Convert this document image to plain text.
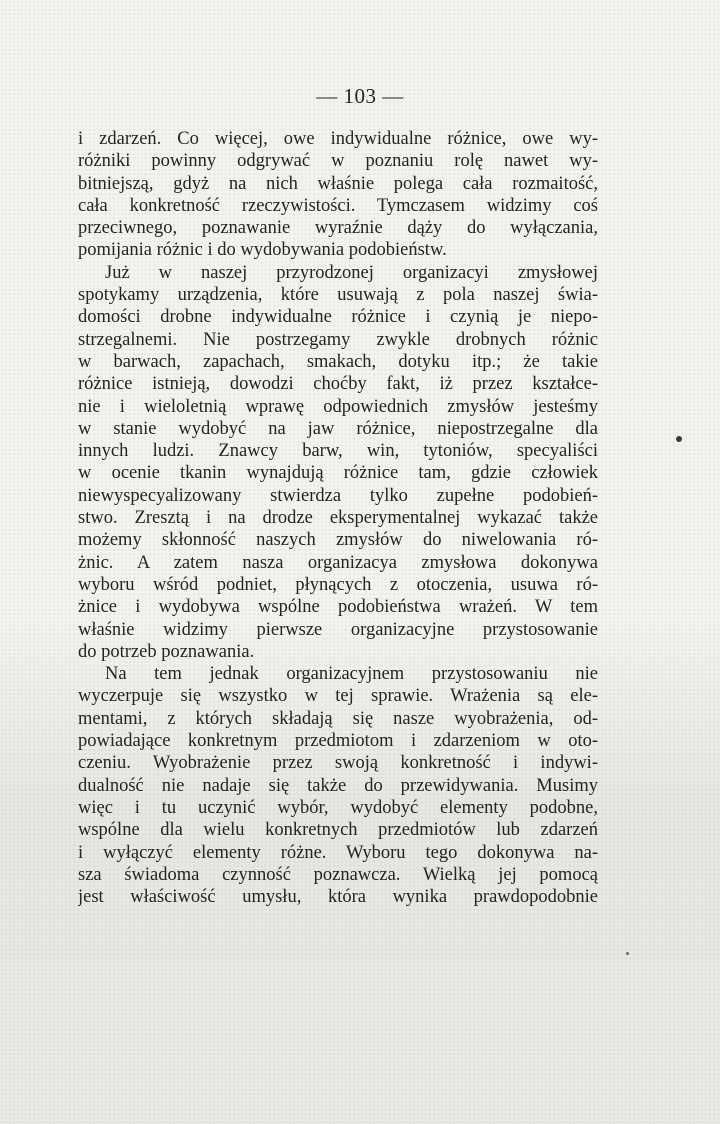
— 103 —
i zdarzeń. Co więcej, owe indywidualne różnice, owe wy-
różniki powinny odgrywać w poznaniu rolę nawet wy-
bitniejszą, gdyż na nich właśnie polega cała rozmaitość,
cała konkretność rzeczywistości. Tymczasem widzimy coś
przeciwnego, poznawanie wyraźnie dąży do wyłączania,
pomijania różnic i do wydobywania podobieństw.
Już w naszej przyrodzonej organizacyi zmysłowej
spotykamy urządzenia, które usuwają z pola naszej świa-
domości drobne indywidualne różnice i czynią je niepo-
strzegalnemi. Nie postrzegamy zwykle drobnych różnic
w barwach, zapachach, smakach, dotyku itp.; że takie
różnice istnieją, dowodzi choćby fakt, iż przez kształce-
nie i wieloletnią wprawę odpowiednich zmysłów jesteśmy
w stanie wydobyć na jaw różnice, niepostrzegalne dla
innych ludzi. Znawcy barw, win, tytoniów, specyaliści
w ocenie tkanin wynajdują różnice tam, gdzie człowiek
niewyspecyalizowany stwierdza tylko zupełne podobień-
stwo. Zresztą i na drodze eksperymentalnej wykazać także
możemy skłonność naszych zmysłów do niwelowania ró-
żnic. A zatem nasza organizacya zmysłowa dokonywa
wyboru wśród podniet, płynących z otoczenia, usuwa ró-
żnice i wydobywa wspólne podobieństwa wrażeń. W tem
właśnie widzimy pierwsze organizacyjne przystosowanie
do potrzeb poznawania.
Na tem jednak organizacyjnem przystosowaniu nie
wyczerpuje się wszystko w tej sprawie. Wrażenia są ele-
mentami, z których składają się nasze wyobrażenia, od-
powiadające konkretnym przedmiotom i zdarzeniom w oto-
czeniu. Wyobrażenie przez swoją konkretność i indywi-
dualność nie nadaje się także do przewidywania. Musimy
więc i tu uczynić wybór, wydobyć elementy podobne,
wspólne dla wielu konkretnych przedmiotów lub zdarzeń
i wyłączyć elementy różne. Wyboru tego dokonywa na-
sza świadoma czynność poznawcza. Wielką jej pomocą
jest właściwość umysłu, która wynika prawdopodobnie
